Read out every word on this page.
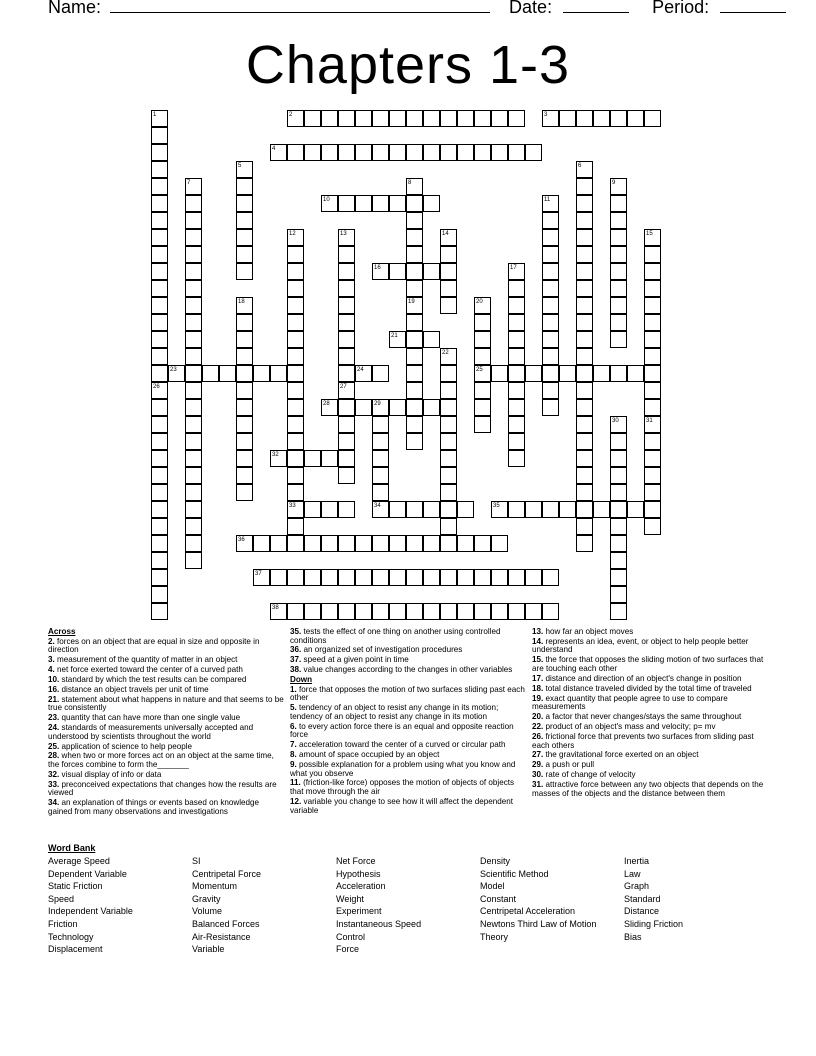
Name:	Date:	Period:
Chapters 1-3
1
26
2	3
4
5	6
7	8
19
9
10	11
12
33
13
27
14	15
31
16	17
18	20
25
21
22
23	24
28	29
30
32
34	35
36
37
38

Across

2. forces on an object that are equal in size and opposite in direction

3. measurement of the quantity of matter in an object

4. net force exerted toward the center of a curved path

10. standard by which the test results can be compared

16. distance an object travels per unit of time

21. statement about what happens in nature and that seems to be true consistently

23. quantity that can have more than one single value

24. standards of measurements universally accepted and understood by scientists throughout the world

25. application of science to help people

28. when two or more forces act on an object at the same time, the forces combine to form the_______

32. visual display of info or data

33. preconceived expectations that changes how the results are viewed

34. an explanation of things or events based on knowledge gained from many observations and investigations

35. tests the effect of one thing on another using controlled conditions

36. an organized set of investigation procedures

37. speed at a given point in time

38. value changes according to the changes in other variables

Down

1. force that opposes the motion of two surfaces sliding past each other

5. tendency of an object to resist any change in its motion; tendency of an object to resist any change in its motion

6. to every action force there is an equal and opposite reaction force

7. acceleration toward the center of a curved or circular path

8. amount of space occupied by an object

9. possible explanation for a problem using what you know and what you observe

11. (friction-like force) opposes the motion of objects of objects that move through the air

12. variable you change to see how it will affect the dependent variable

13. how far an object moves

14. represents an idea, event, or object to help people better understand

15. the force that opposes the sliding motion of two surfaces that are touching each other

17. distance and direction of an object's change in position

18. total distance traveled divided by the total time of traveled

19. exact quantity that people agree to use to compare measurements

20. a factor that never changes/stays the same throughout

22. product of an object's mass and velocity; p= mv

26. frictional force that prevents two surfaces from sliding past each others

27. the gravitational force exerted on an object

29. a push or pull

30. rate of change of velocity

31. attractive force between any two objects that depends on the masses of the objects and the distance between them

Word Bank
Average Speed	SI	Net Force	Density	Inertia
Dependent Variable	Centripetal Force	Hypothesis	Scientific Method	Law
Static Friction	Momentum	Acceleration	Model	Graph
Speed	Gravity	Weight	Constant	Standard
Independent Variable	Volume	Experiment	Centripetal Acceleration	Distance
Friction	Balanced Forces	Instantaneous Speed	Newtons Third Law of Motion	Sliding Friction
Technology	Air-Resistance	Control	Theory	Bias
Displacement	Variable	Force
